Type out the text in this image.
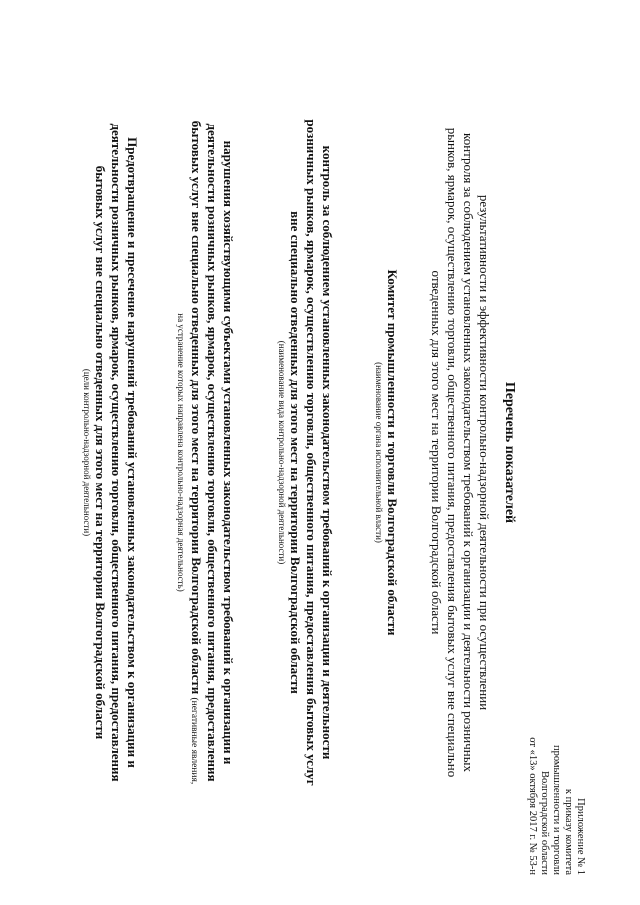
Приложение № 1
к приказу комитета
промышленности и торговли
Волгоградской области
от «13» октября 2017 г. № 53-н
Перечень показателей
результативности и эффективности контрольно-надзорной деятельности при осуществлении
контроля за соблюдением установленных законодательством требований к организации и деятельности розничных
рынков, ярмарок, осуществлению торговли, общественного питания, предоставления бытовых услуг вне специально
отведенных для этого мест на территории Волгоградской области
Комитет промышленности и торговли Волгоградской области
(наименование органа исполнительной власти)
контроль за соблюдением установленных законодательством требований к организации и деятельности
розничных рынков, ярмарок, осуществлению торговли, общественного питания, предоставления бытовых услуг
вне специально отведенных для этого мест на территории Волгоградской области
(наименование вида контрольно-надзорной деятельности)
нарушения хозяйствующими субъектами установленных законодательством требований к организации и
деятельности розничных рынков, ярмарок, осуществлению торговли, общественного питания, предоставления
бытовых услуг вне специально отведенных для этого мест на территории Волгоградской области (негативные явления,
на устранение которых направлена контрольно-надзорная деятельность)
Предотвращение и пресечение нарушений требований установленных законодательством к организации и
деятельности розничных рынков, ярмарок, осуществлению торговли, общественного питания, предоставления
бытовых услуг вне специально отведенных для этого мест на территории Волгоградской области
(цели контрольно-надзорной деятельности)
